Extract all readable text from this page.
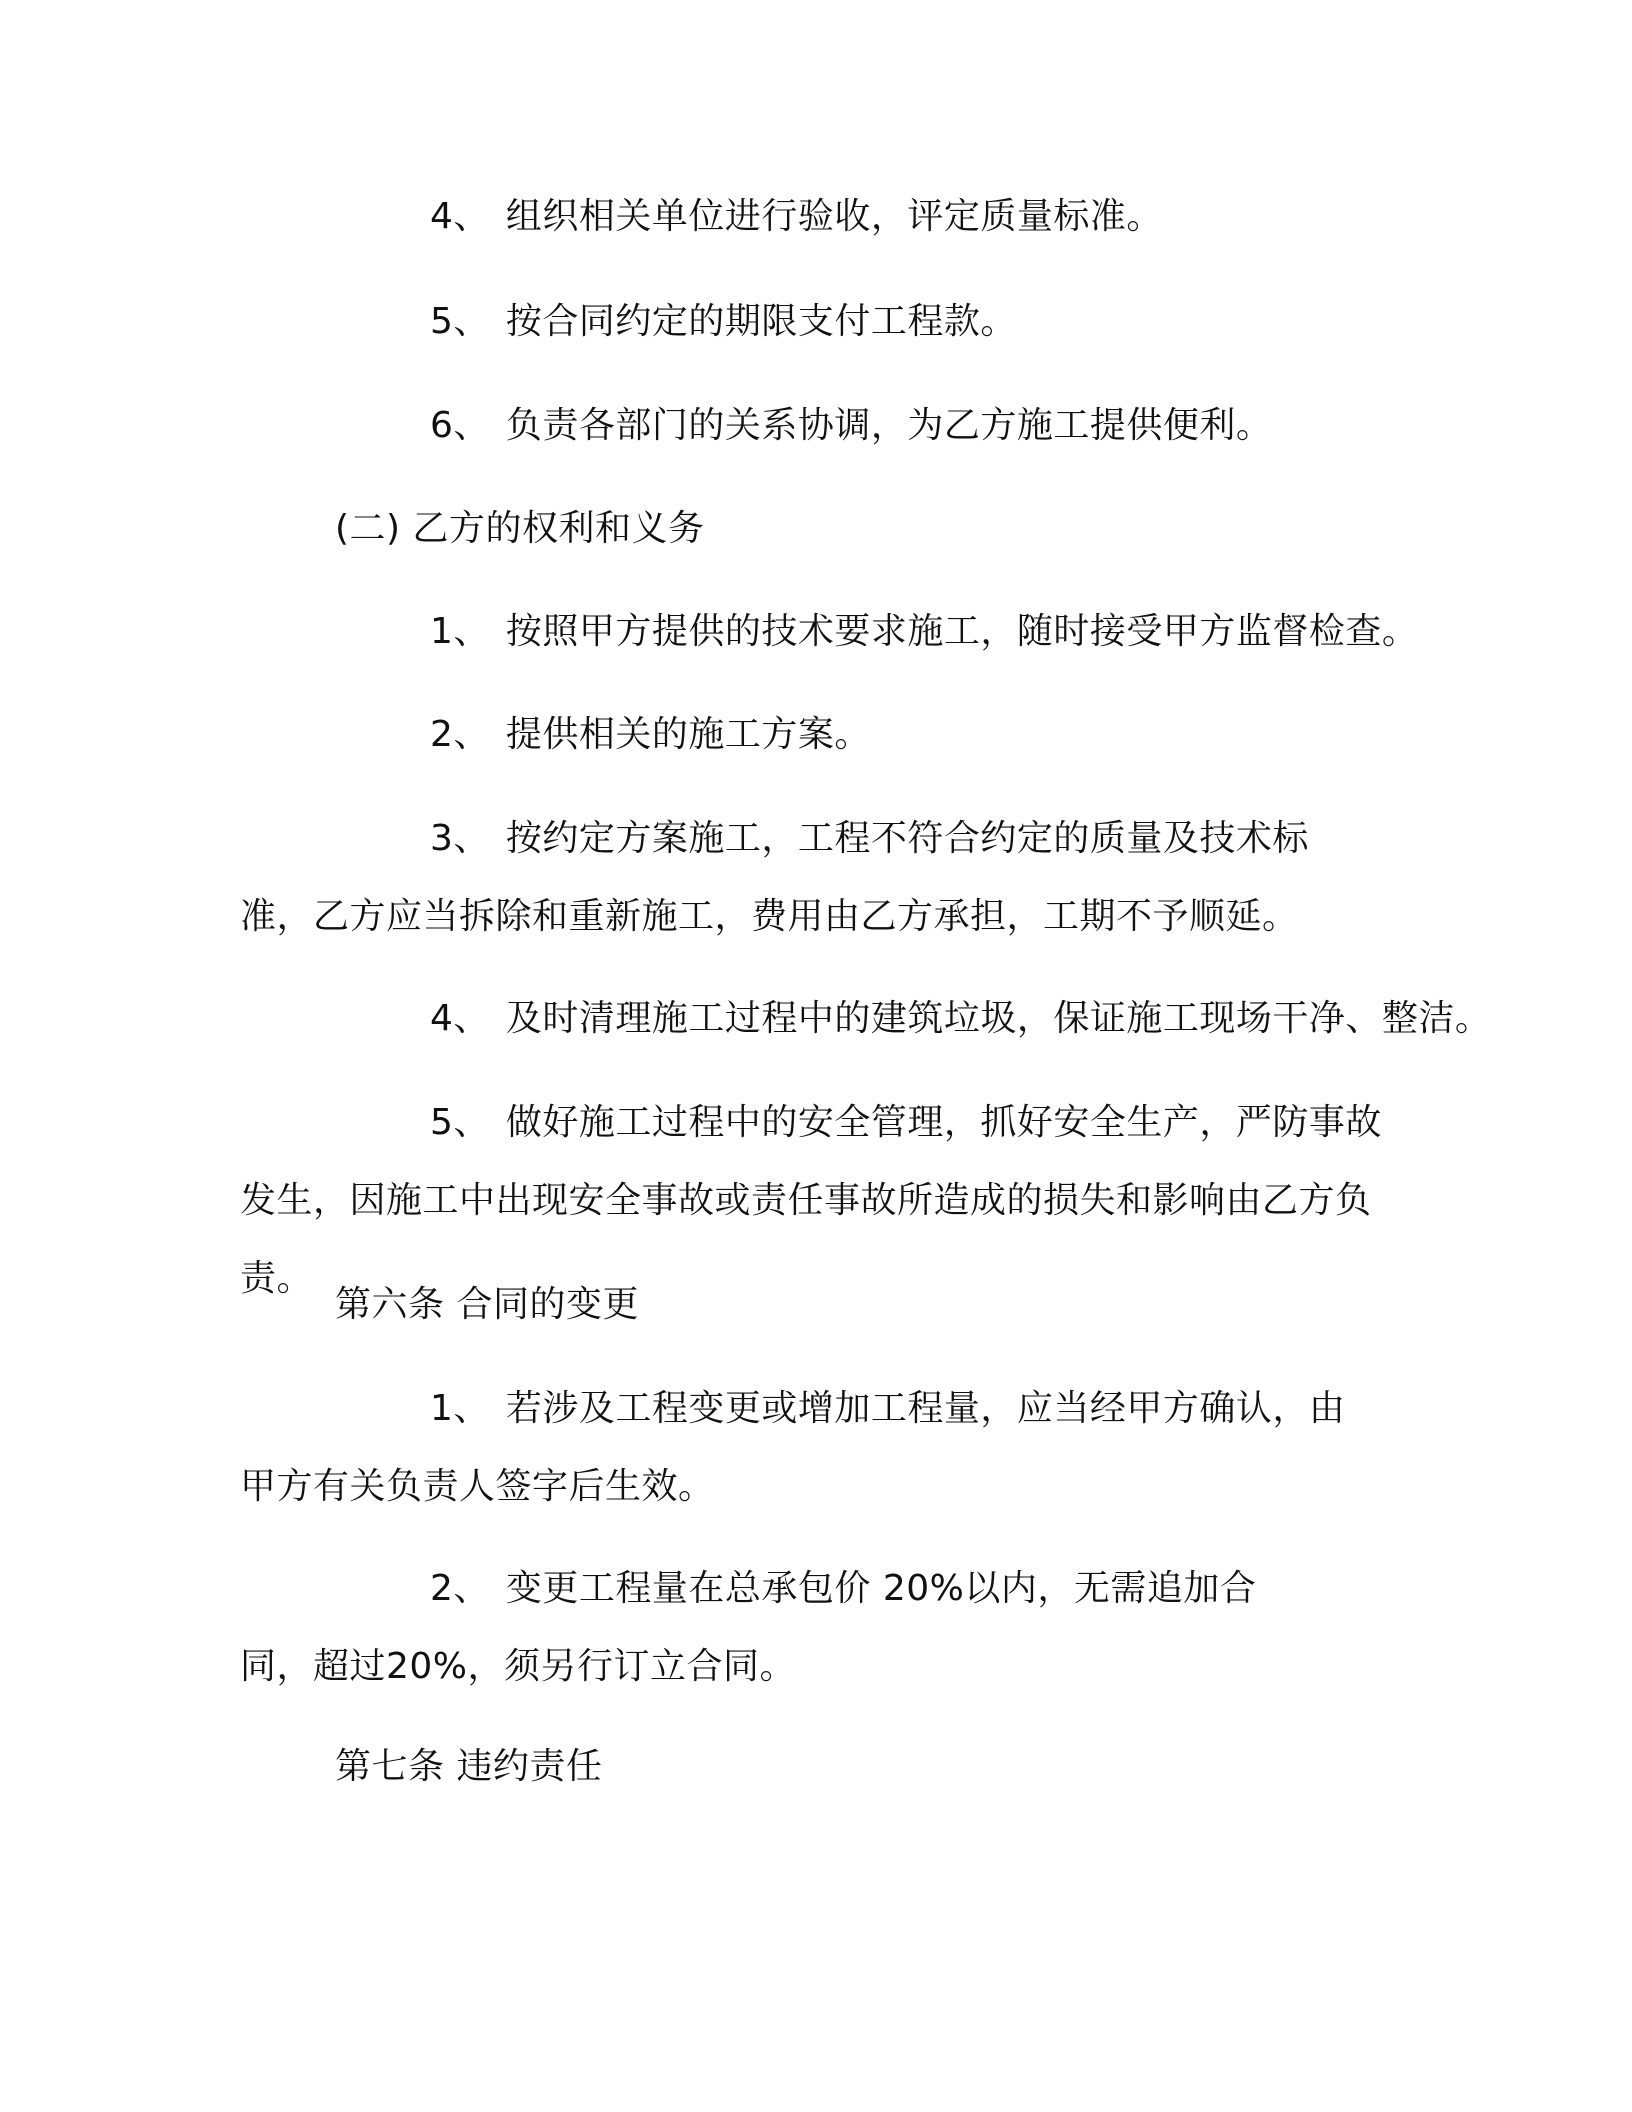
4、 组织相关单位进行验收，评定质量标准。
5、 按合同约定的期限支付工程款。
6、 负责各部门的关系协调，为乙方施工提供便利。
(二) 乙方的权利和义务
1、 按照甲方提供的技术要求施工，随时接受甲方监督检查。
2、 提供相关的施工方案。
3、 按约定方案施工，工程不符合约定的质量及技术标准，乙方应当拆除和重新施工，费用由乙方承担，工期不予顺延。
4、 及时清理施工过程中的建筑垃圾，保证施工现场干净、整洁。
5、 做好施工过程中的安全管理，抓好安全生产，严防事故发生，因施工中出现安全事故或责任事故所造成的损失和影响由乙方负责。
第六条 合同的变更
1、 若涉及工程变更或增加工程量，应当经甲方确认，由甲方有关负责人签字后生效。
2、 变更工程量在总承包价 20%以内，无需追加合同，超过20%，须另行订立合同。
第七条 违约责任
